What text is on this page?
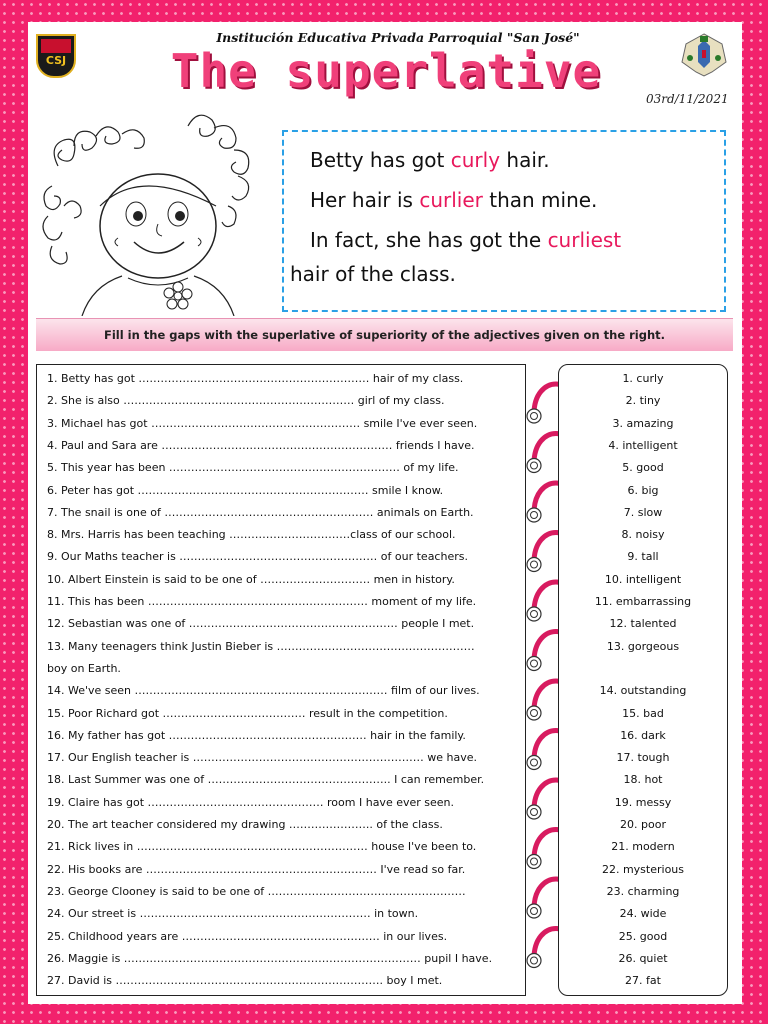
CSJ
Institución Educativa Privada Parroquial "San José"
The superlative
03rd/11/2021
Betty has got curly hair.
Her hair is curlier than mine.
In fact, she has got the curliest
hair of the class.
Fill in the gaps with the superlative of superiority of the adjectives given on the right.
1. Betty has got ……………………………………………………… hair of my class.
2. She is also ……………………………………………………… girl of my class.
3. Michael has got ………………………………………………… smile I've ever seen.
4. Paul and Sara are ……………………………………………………… friends I have.
5. This year has been ……………………………………………………… of my life.
6. Peter has got ……………………………………………………… smile I know.
7. The snail is one of ………………………………………………… animals on Earth.
8. Mrs. Harris has been teaching ……………………………class of our school.
9. Our Maths teacher is ……………………………………………… of our teachers.
10. Albert Einstein is said to be one of ………………………… men in history.
11. This has been …………………………………………………… moment of my life.
12. Sebastian was one of ………………………………………………… people I met.
13. Many teenagers think Justin Bieber is ………………………………………………
boy on Earth.
14. We've seen …………………………………………………………… film of our lives.
15. Poor Richard got ………………………………… result in the competition.
16. My father has got ……………………………………………… hair in the family.
17. Our English teacher is ……………………………………………………… we have.
18. Last Summer was one of ………………………………………….. I can remember.
19. Claire has got ………………………………………… room I have ever seen.
20. The art teacher considered my drawing ………………….. of the class.
21. Rick lives in ……………………………………………………… house I've been to.
22. His books are ……………………………………………………… I've read so far.
23. George Clooney is said to be one of ………………………………………………
24. Our street is ……………………………………………………… in town.
25. Childhood years are ……………………………………………… in our lives.
26. Maggie is ……………………………………………………………………… pupil I have.
27. David is ………………………………………………………………. boy I met.
1. curly
2. tiny
3. amazing
4. intelligent
5. good
6. big
7. slow
8. noisy
9. tall
10. intelligent
11. embarrassing
12. talented
13. gorgeous
14. outstanding
15. bad
16. dark
17. tough
18. hot
19. messy
20. poor
21. modern
22. mysterious
23. charming
24. wide
25. good
26. quiet
27. fat
